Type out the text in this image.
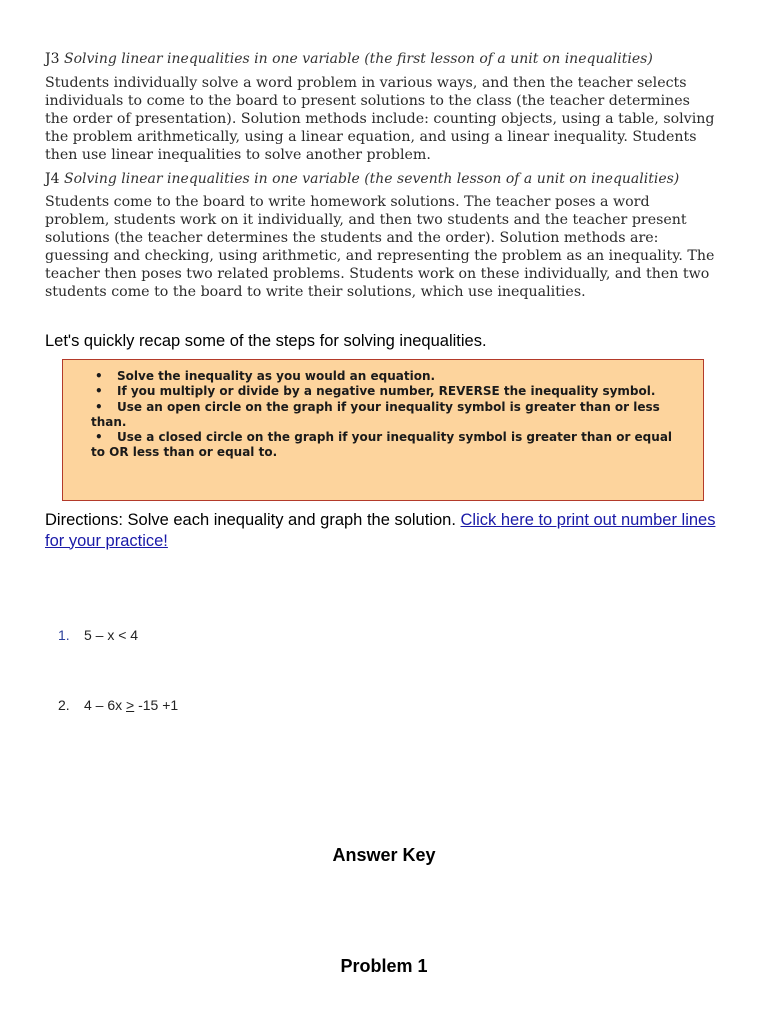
J3 Solving linear inequalities in one variable (the first lesson of a unit on inequalities)
Students individually solve a word problem in various ways, and then the teacher selects individuals to come to the board to present solutions to the class (the teacher determines the order of presentation). Solution methods include: counting objects, using a table, solving the problem arithmetically, using a linear equation, and using a linear inequality. Students then use linear inequalities to solve another problem.
J4 Solving linear inequalities in one variable (the seventh lesson of a unit on inequalities)
Students come to the board to write homework solutions. The teacher poses a word problem, students work on it individually, and then two students and the teacher present solutions (the teacher determines the students and the order). Solution methods are: guessing and checking, using arithmetic, and representing the problem as an inequality. The teacher then poses two related problems. Students work on these individually, and then two students come to the board to write their solutions, which use inequalities.
Let's quickly recap some of the steps for solving inequalities.
• Solve the inequality as you would an equation.
• If you multiply or divide by a negative number, REVERSE the inequality symbol.
• Use an open circle on the graph if your inequality symbol is greater than or less than.
• Use a closed circle on the graph if your inequality symbol is greater than or equal to OR less than or equal to.
Directions: Solve each inequality and graph the solution. Click here to print out number lines for your practice!
1. 5 – x < 4
2. 4 – 6x ≥ -15 +1
Answer Key
Problem 1
